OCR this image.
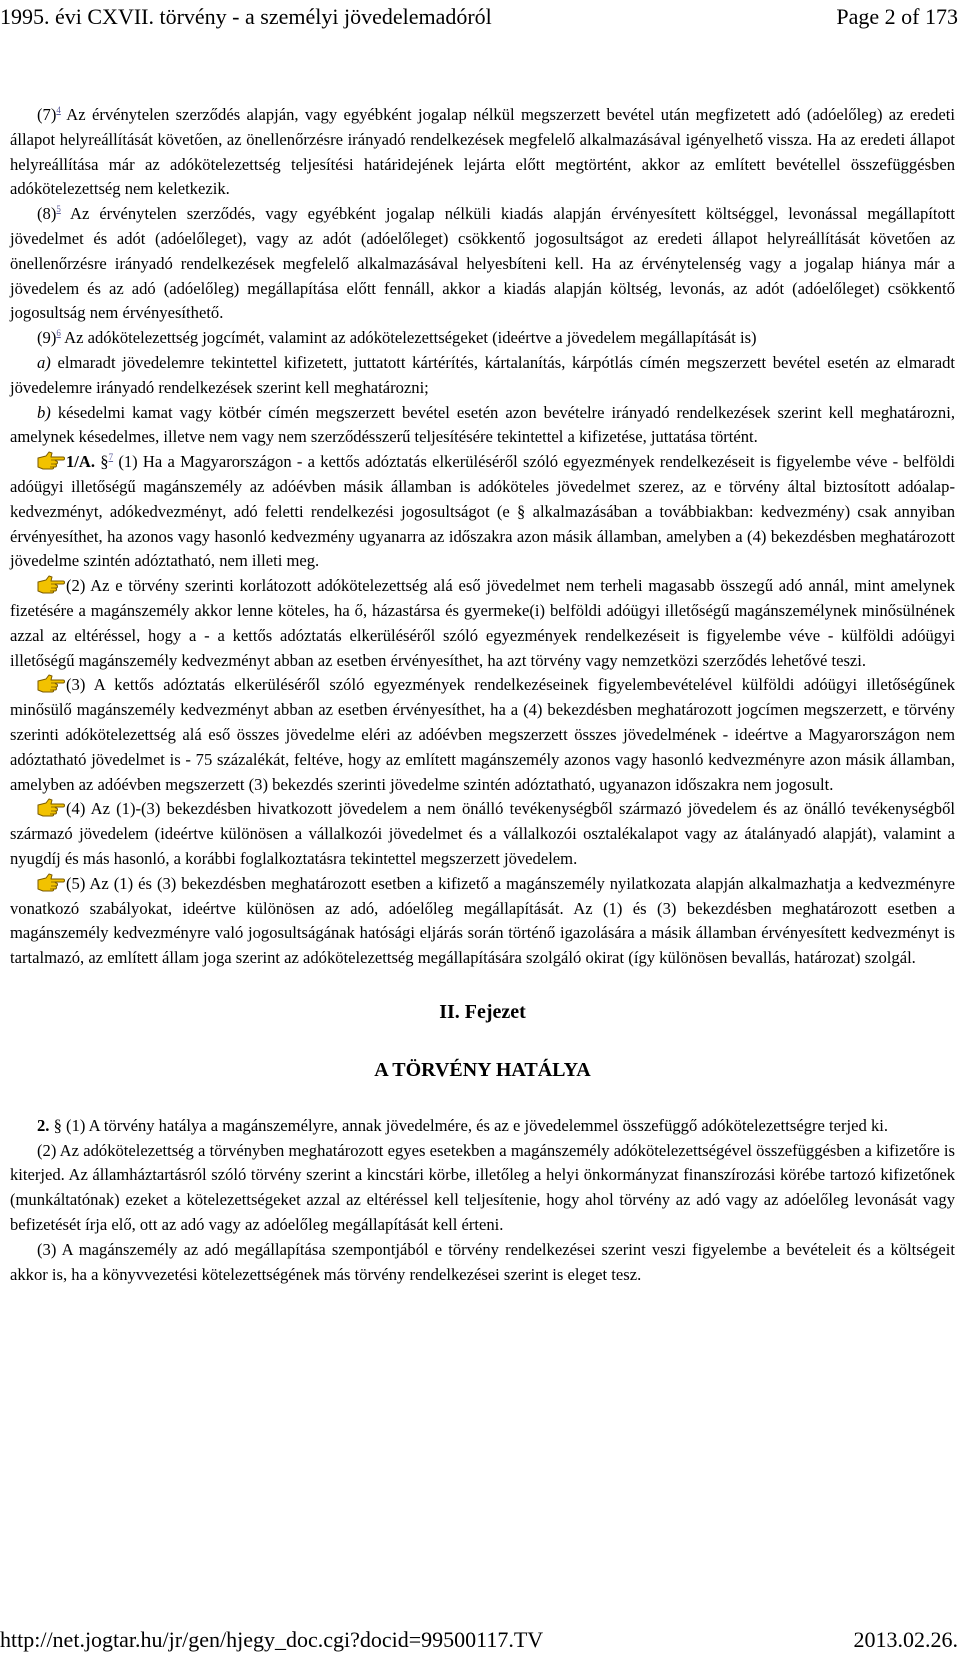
1995. évi CXVII. törvény - a személyi jövedelemadóról	Page 2 of 173

$(7)^4$ Az érvénytelen szerződés alapján, vagy egyébként jogalap nélkül megszerzett bevétel után megfizetett adó (adóelőleg) az eredeti állapot helyreállítását követően, az önellenőrzésre irányadó rendelkezések megfelelő alkalmazásával igényelhető vissza. Ha az eredeti állapot helyreállítása már az adókötelezettség teljesítési határidejének lejárta előtt megtörtént, akkor az említett bevétellel összefüggésben adókötelezettség nem keletkezik.

$(8)^5$ Az érvénytelen szerződés, vagy egyébként jogalap nélküli kiadás alapján érvényesített költséggel, levonással megállapított jövedelmet és adót (adóelőleget), vagy az adót (adóelőleget) csökkentő jogosultságot az eredeti állapot helyreállítását követően az önellenőrzésre irányadó rendelkezések megfelelő alkalmazásával helyesbíteni kell. Ha az érvénytelenség vagy a jogalap hiánya már a jövedelem és az adó (adóelőleg) megállapítása előtt fennáll, akkor a kiadás alapján költség, levonás, az adót (adóelőleget) csökkentő jogosultság nem érvényesíthető.

$(9)^6$ Az adókötelezettség jogcímét, valamint az adókötelezettségeket (ideértve a jövedelem megállapítását is)

a) elmaradt jövedelemre tekintettel kifizetett, juttatott kártérítés, kártalanítás, kárpótlás címén megszerzett bevétel esetén az elmaradt jövedelemre irányadó rendelkezések szerint kell meghatározni;

b) késedelmi kamat vagy kötbér címén megszerzett bevétel esetén azon bevételre irányadó rendelkezések szerint kell meghatározni, amelynek késedelmes, illetve nem vagy nem szerződésszerű teljesítésére tekintettel a kifizetése, juttatása történt.

1/A. §$^7$ (1) Ha a Magyarországon - a kettős adóztatás elkerüléséről szóló egyezmények rendelkezéseit is figyelembe véve - belföldi adóügyi illetőségű magánszemély az adóévben másik államban is adóköteles jövedelmet szerez, az e törvény által biztosított adóalap-kedvezményt, adókedvezményt, adó feletti rendelkezési jogosultságot (e § alkalmazásában a továbbiakban: kedvezmény) csak annyiban érvényesíthet, ha azonos vagy hasonló kedvezmény ugyanarra az időszakra azon másik államban, amelyben a (4) bekezdésben meghatározott jövedelme szintén adóztatható, nem illeti meg.

(2) Az e törvény szerinti korlátozott adókötelezettség alá eső jövedelmet nem terheli magasabb összegű adó annál, mint amelynek fizetésére a magánszemély akkor lenne köteles, ha ő, házastársa és gyermeke(i) belföldi adóügyi illetőségű magánszemélynek minősülnének azzal az eltéréssel, hogy a - a kettős adóztatás elkerüléséről szóló egyezmények rendelkezéseit is figyelembe véve - külföldi adóügyi illetőségű magánszemély kedvezményt abban az esetben érvényesíthet, ha azt törvény vagy nemzetközi szerződés lehetővé teszi.

(3) A kettős adóztatás elkerüléséről szóló egyezmények rendelkezéseinek figyelembevételével külföldi adóügyi illetőségűnek minősülő magánszemély kedvezményt abban az esetben érvényesíthet, ha a (4) bekezdésben meghatározott jogcímen megszerzett, e törvény szerinti adókötelezettség alá eső összes jövedelme eléri az adóévben megszerzett összes jövedelmének - ideértve a Magyarországon nem adóztatható jövedelmet is - 75 százalékát, feltéve, hogy az említett magánszemély azonos vagy hasonló kedvezményre azon másik államban, amelyben az adóévben megszerzett (3) bekezdés szerinti jövedelme szintén adóztatható, ugyanazon időszakra nem jogosult.

(4) Az (1)-(3) bekezdésben hivatkozott jövedelem a nem önálló tevékenységből származó jövedelem és az önálló tevékenységből származó jövedelem (ideértve különösen a vállalkozói jövedelmet és a vállalkozói osztalékalapot vagy az átalányadó alapját), valamint a nyugdíj és más hasonló, a korábbi foglalkoztatásra tekintettel megszerzett jövedelem.

(5) Az (1) és (3) bekezdésben meghatározott esetben a kifizető a magánszemély nyilatkozata alapján alkalmazhatja a kedvezményre vonatkozó szabályokat, ideértve különösen az adó, adóelőleg megállapítását. Az (1) és (3) bekezdésben meghatározott esetben a magánszemély kedvezményre való jogosultságának hatósági eljárás során történő igazolására a másik államban érvényesített kedvezményt is tartalmazó, az említett állam joga szerint az adókötelezettség megállapítására szolgáló okirat (így különösen bevallás, határozat) szolgál.

II. Fejezet
A TÖRVÉNY HATÁLYA

2. § (1) A törvény hatálya a magánszemélyre, annak jövedelmére, és az e jövedelemmel összefüggő adókötelezettségre terjed ki.

(2) Az adókötelezettség a törvényben meghatározott egyes esetekben a magánszemély adókötelezettségével összefüggésben a kifizetőre is kiterjed. Az államháztartásról szóló törvény szerint a kincstári körbe, illetőleg a helyi önkormányzat finanszírozási körébe tartozó kifizetőnek (munkáltatónak) ezeket a kötelezettségeket azzal az eltéréssel kell teljesítenie, hogy ahol törvény az adó vagy az adóelőleg levonását vagy befizetését írja elő, ott az adó vagy az adóelőleg megállapítását kell érteni.

(3) A magánszemély az adó megállapítása szempontjából e törvény rendelkezései szerint veszi figyelembe a bevételeit és a költségeit akkor is, ha a könyvvezetési kötelezettségének más törvény rendelkezései szerint is eleget tesz.

http://net.jogtar.hu/jr/gen/hjegy_doc.cgi?docid=99500117.TV	2013.02.26.
